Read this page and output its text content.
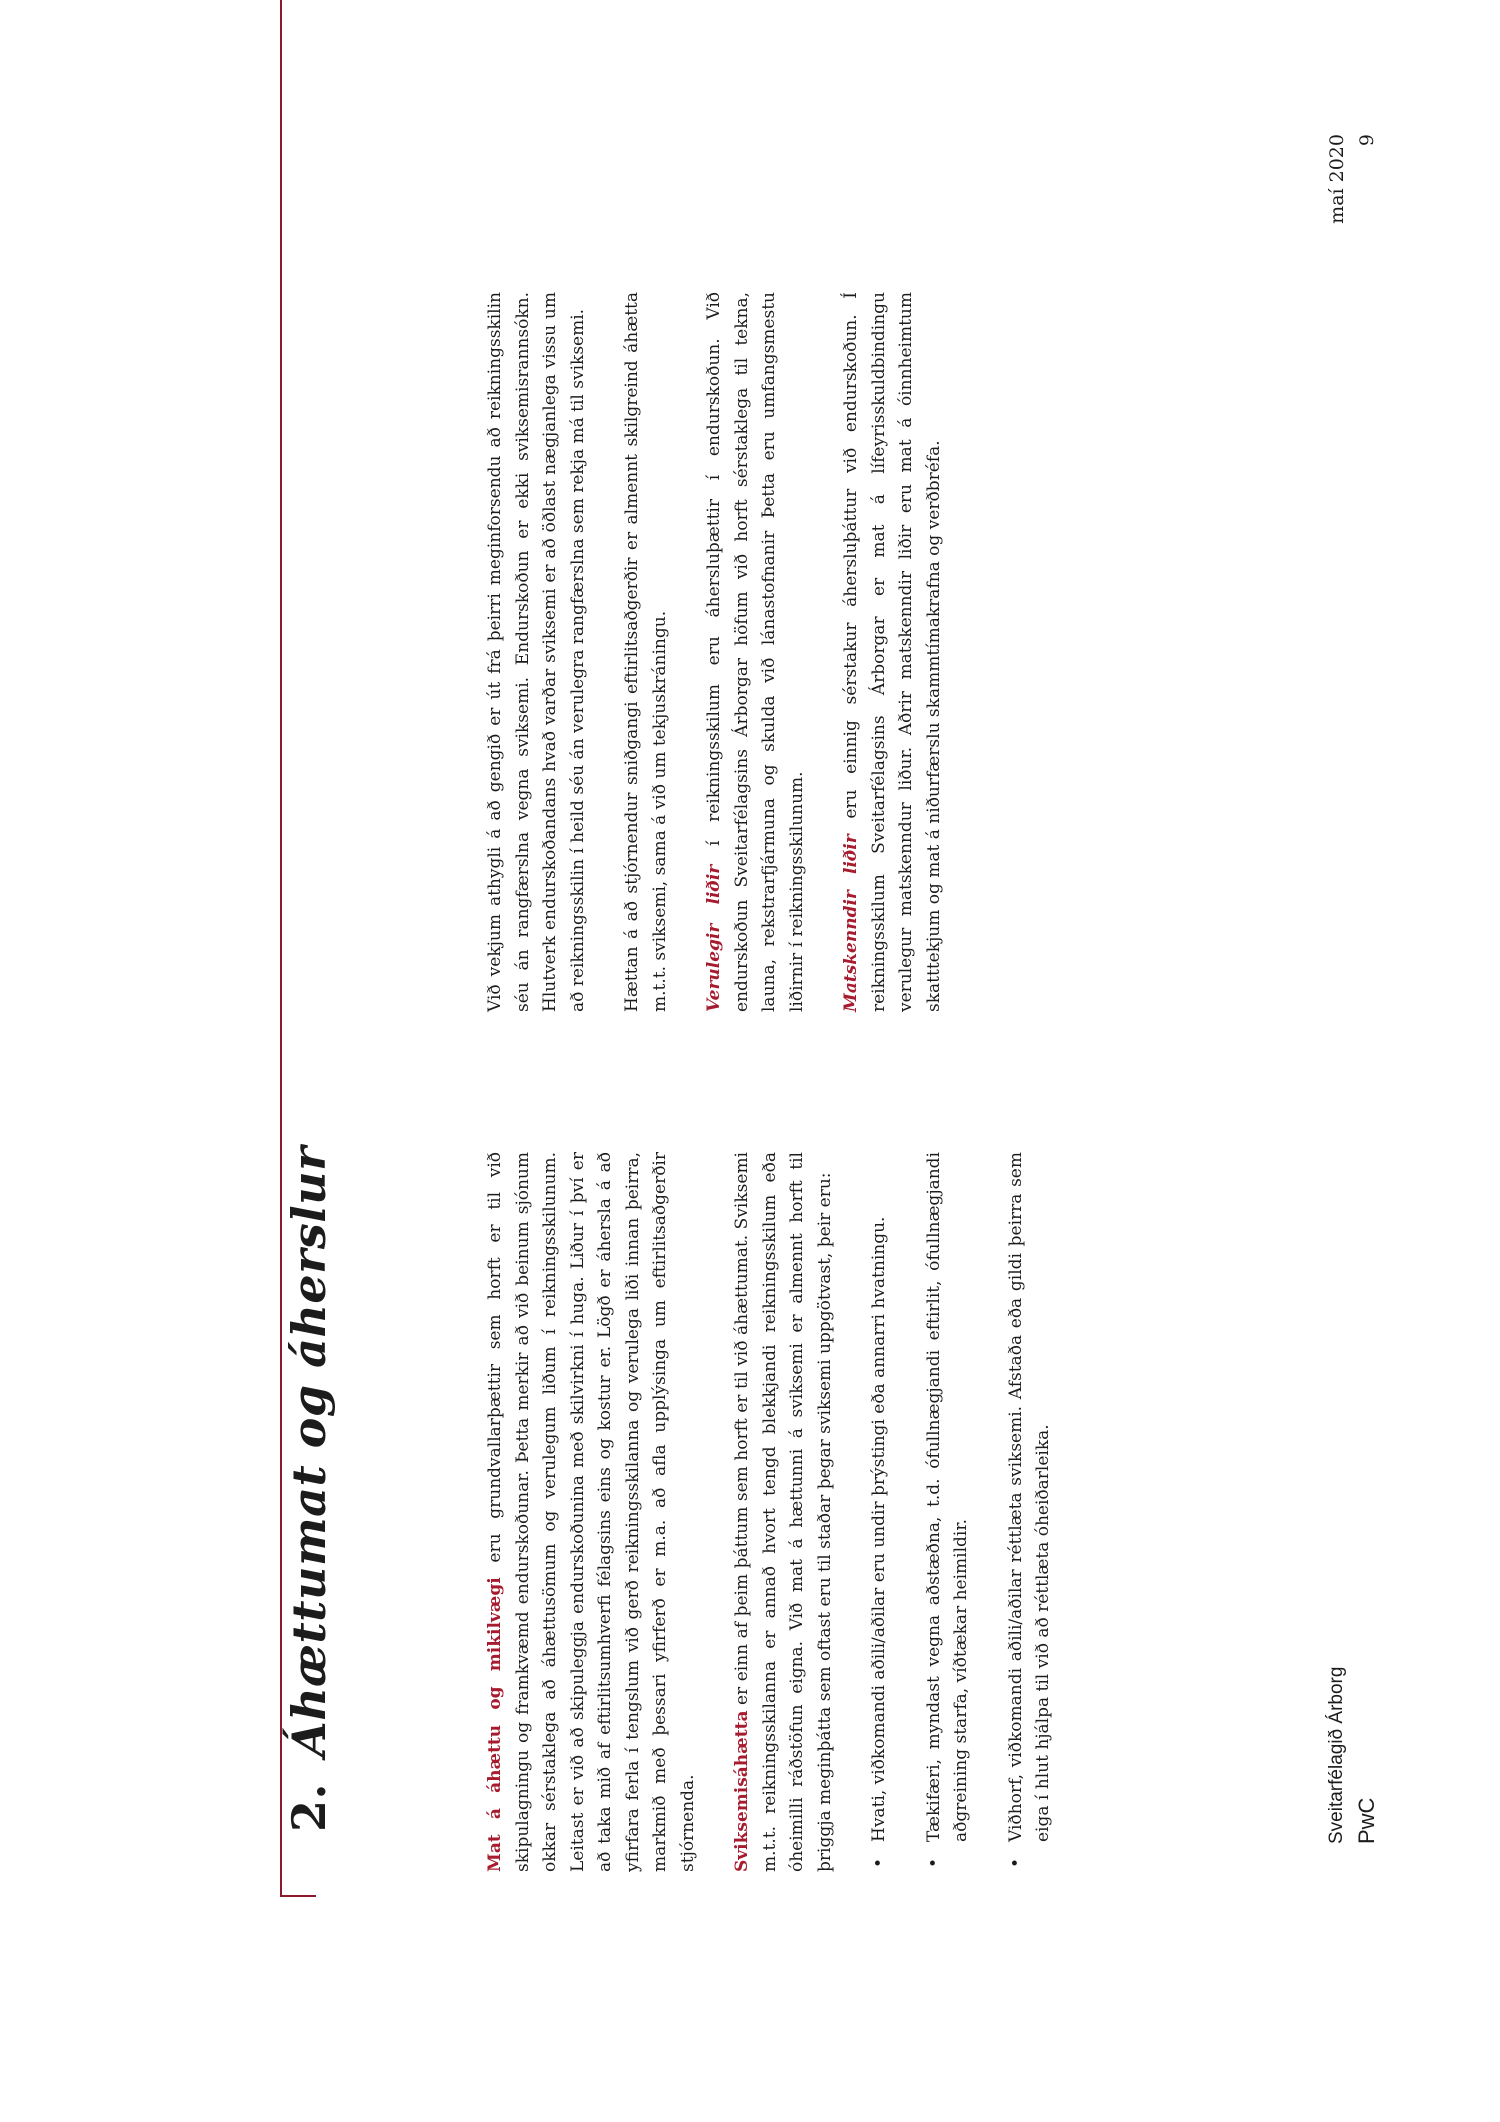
2.Áhættumat og áherslur	Mat á áhættu og mikilvægi eru grundvallarþættir sem horft er til við skipulagningu og framkvæmd endurskoðunar. Þetta merkir að við beinum sjónum okkar sérstaklega að áhættusömum og verulegum liðum í reikningsskilunum. Leitast er við að skipuleggja endurskoðunina með skilvirkni í huga. Liður í því er að taka mið af eftirlitsumhverfi félagsins eins og kostur er. Lögð er áhersla á að yfirfara ferla í tengslum við gerð reikningsskilanna og verulega liði innan þeirra, markmið með þessari yfirferð er m.a. að afla upplýsinga um eftirlitsaðgerðir stjórnenda. Sviksemisáhætta er einn af þeim þáttum sem horft er til við áhættumat. Sviksemi m.t.t. reikningsskilanna er annað hvort tengd blekkjandi reikningsskilum eða óheimilli ráðstöfun eigna. Við mat á hættunni á sviksemi er almennt horft til þriggja meginþátta sem oftast eru til staðar þegar sviksemi uppgötvast, þeir eru: • Hvati, viðkomandi aðili/aðilar eru undir þrýstingi eða annarri hvatningu. • Tækifæri, myndast vegna aðstæðna, t.d. ófullnægjandi eftirlit, ófullnægjandi aðgreining starfa, víðtækar heimildir. • Viðhorf, viðkomandi aðili/aðilar réttlæta sviksemi. Afstaða eða gildi þeirra sem eiga í hlut hjálpa til við að réttlæta óheiðarleika.

Við vekjum athygli á að gengið er út frá þeirri meginforsendu að reikningsskilin séu án rangfærslna vegna sviksemi. Endurskoðun er ekki sviksemisrannsókn. Hlutverk endurskoðandans hvað varðar sviksemi er að öðlast nægjanlega vissu um að reikningsskilin í heild séu án verulegra rangfærslna sem rekja má til sviksemi. Hættan á að stjórnendur sniðgangi eftirlitsaðgerðir er almennt skilgreind áhætta m.t.t. sviksemi, sama á við um tekjuskráningu. Verulegir liðir í reikningsskilum eru áhersluþættir í endurskoðun. Við endurskoðun Sveitarfélagsins Árborgar höfum við horft sérstaklega til tekna, launa, rekstrarfjármuna og skulda við lánastofnanir Þetta eru umfangsmestu liðirnir í reikningsskilunum. Matskenndir liðir eru einnig sérstakur áhersluþáttur við endurskoðun. Í reikningsskilum Sveitarfélagsins Árborgar er mat á lífeyrisskuldbindingu verulegur matskenndur liður. Aðrir matskenndir liðir eru mat á óinnheimtum skatttekjum og mat á niðurfærslu skammtímakrafna og verðbréfa.

Sveitarfélagið Árborg PwC
maí 2020 9
